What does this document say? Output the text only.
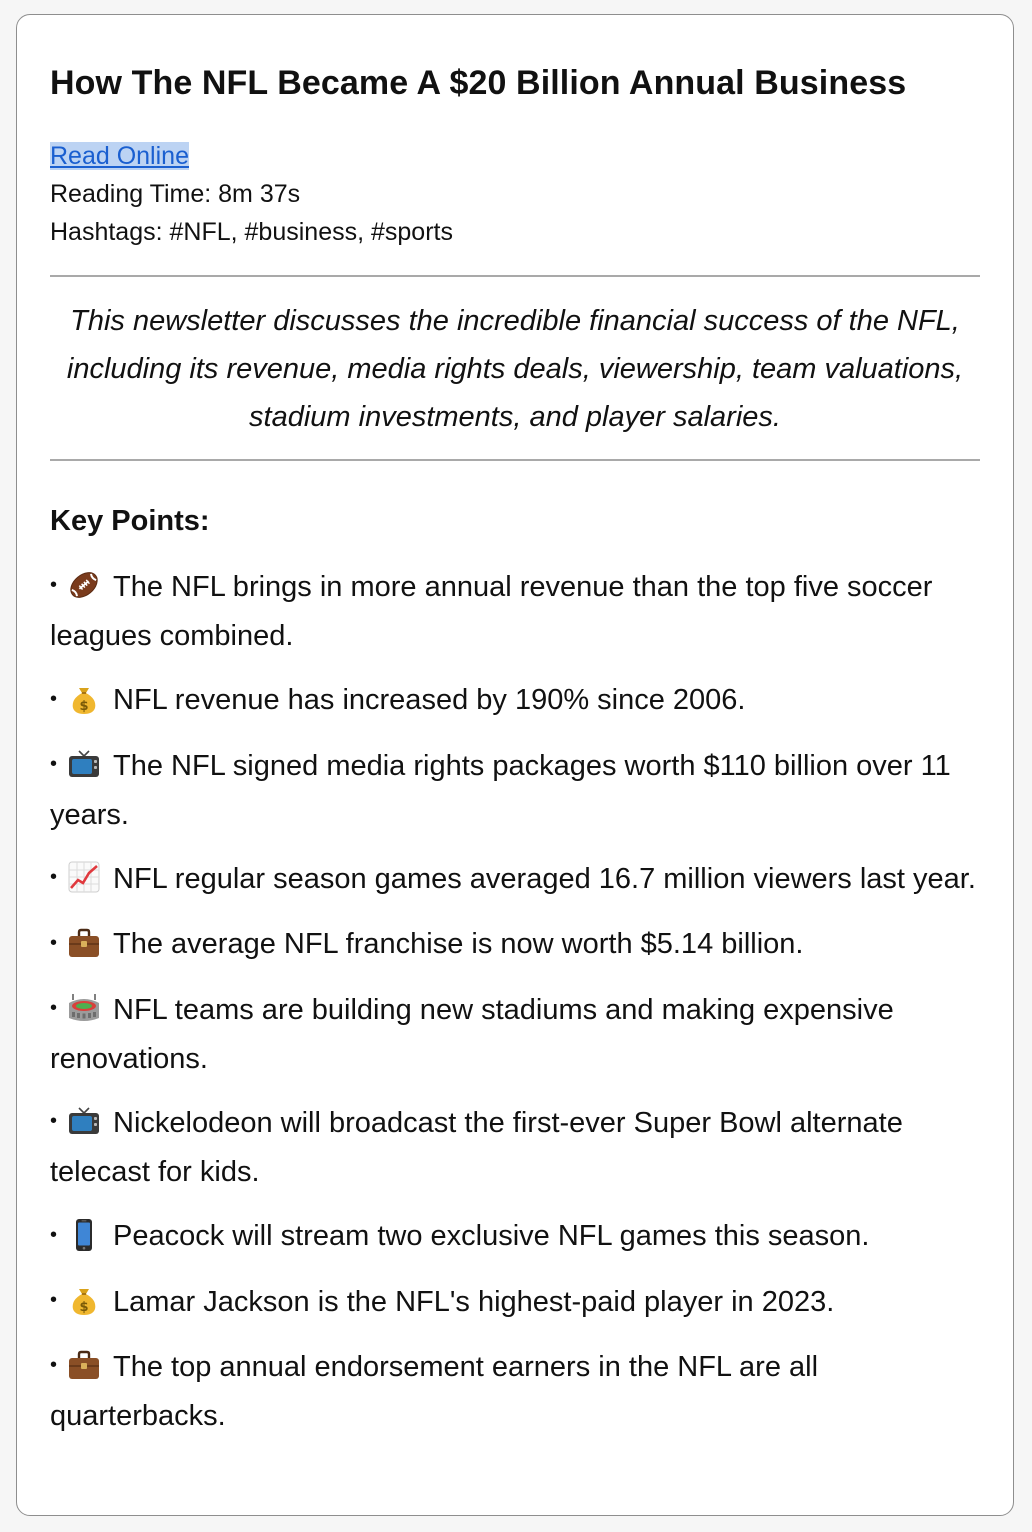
How The NFL Became A $20 Billion Annual Business
Read Online
Reading Time: 8m 37s
Hashtags: #NFL, #business, #sports
This newsletter discusses the incredible financial success of the NFL, including its revenue, media rights deals, viewership, team valuations, stadium investments, and player salaries.
Key Points:
• The NFL brings in more annual revenue than the top five soccer leagues combined.
• $ NFL revenue has increased by 190% since 2006.
• The NFL signed media rights packages worth $110 billion over 11 years.
• NFL regular season games averaged 16.7 million viewers last year.
• The average NFL franchise is now worth $5.14 billion.
• NFL teams are building new stadiums and making expensive renovations.
• Nickelodeon will broadcast the first-ever Super Bowl alternate telecast for kids.
• Peacock will stream two exclusive NFL games this season.
• $ Lamar Jackson is the NFL's highest-paid player in 2023.
• The top annual endorsement earners in the NFL are all quarterbacks.
